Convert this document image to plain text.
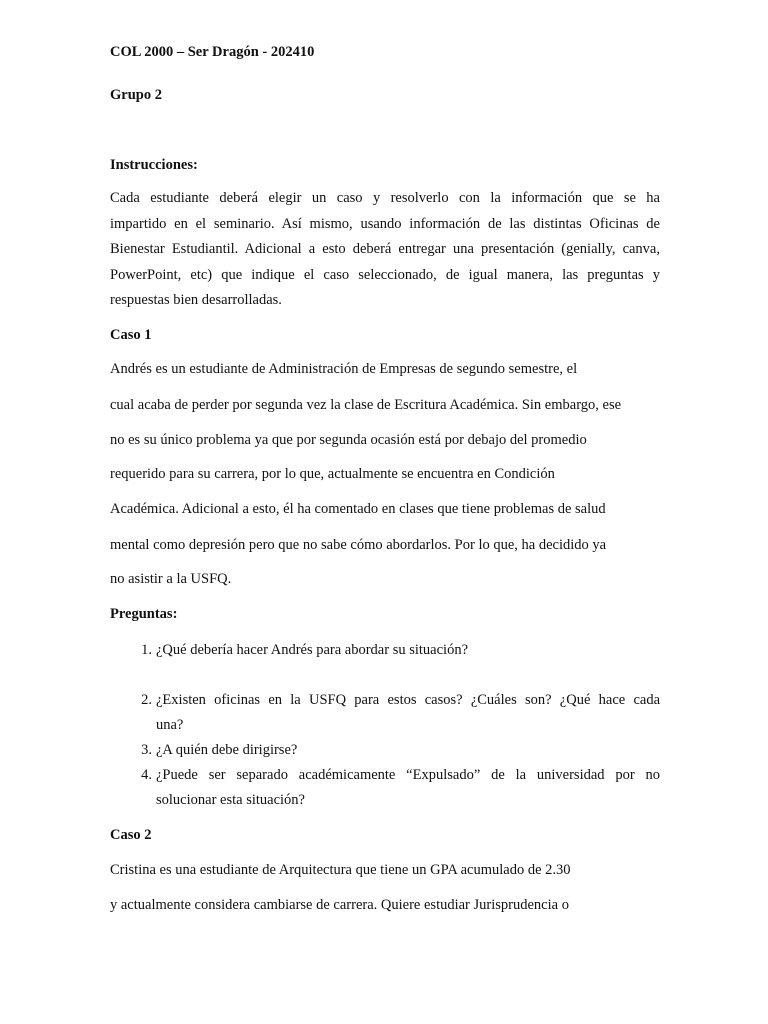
COL 2000 – Ser Dragón - 202410
Grupo 2
Instrucciones:
Cada estudiante deberá elegir un caso y resolverlo con la información que se ha
impartido en el seminario. Así mismo, usando información de las distintas Oficinas de
Bienestar Estudiantil. Adicional a esto deberá entregar una presentación (genially, canva,
PowerPoint, etc) que indique el caso seleccionado, de igual manera, las preguntas y
respuestas bien desarrolladas.
Caso 1
Andrés es un estudiante de Administración de Empresas de segundo semestre, el
cual acaba de perder por segunda vez la clase de Escritura Académica. Sin embargo, ese
no es su único problema ya que por segunda ocasión está por debajo del promedio
requerido para su carrera, por lo que, actualmente se encuentra en Condición
Académica. Adicional a esto, él ha comentado en clases que tiene problemas de salud
mental como depresión pero que no sabe cómo abordarlos. Por lo que, ha decidido ya
no asistir a la USFQ.
Preguntas:
1. ¿Qué debería hacer Andrés para abordar su situación?
2. ¿Existen oficinas en la USFQ para estos casos? ¿Cuáles son? ¿Qué hace cada
una?
3. ¿A quién debe dirigirse?
4. ¿Puede ser separado académicamente “Expulsado” de la universidad por no
solucionar esta situación?
Caso 2
Cristina es una estudiante de Arquitectura que tiene un GPA acumulado de 2.30
y actualmente considera cambiarse de carrera. Quiere estudiar Jurisprudencia o
